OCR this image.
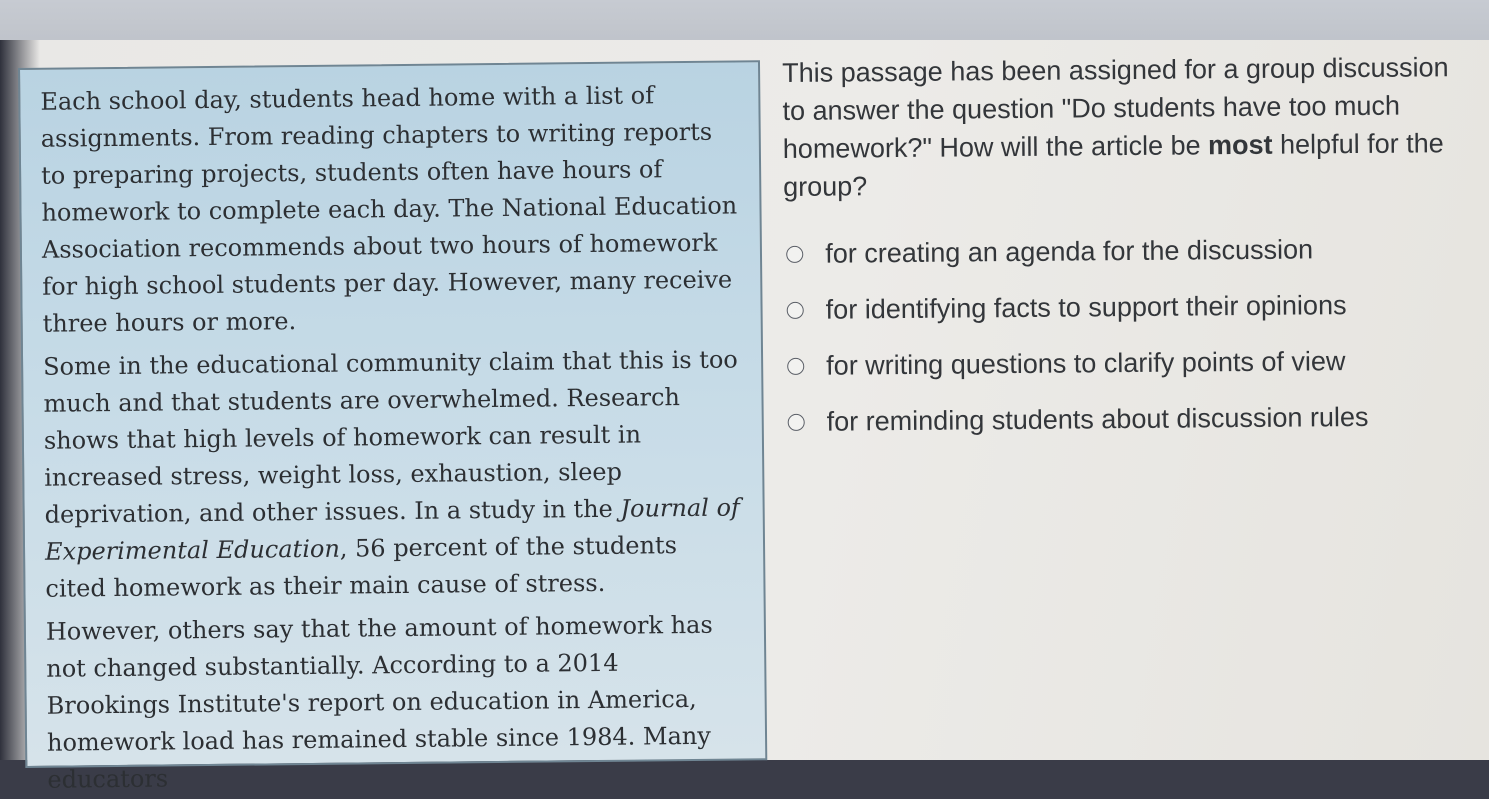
Each school day, students head home with a list of assignments. From reading chapters to writing reports to preparing projects, students often have hours of homework to complete each day. The National Education Association recommends about two hours of homework for high school students per day. However, many receive three hours or more.

Some in the educational community claim that this is too much and that students are overwhelmed. Research shows that high levels of homework can result in increased stress, weight loss, exhaustion, sleep deprivation, and other issues. In a study in the Journal of Experimental Education, 56 percent of the students cited homework as their main cause of stress.

However, others say that the amount of homework has not changed substantially. According to a 2014 Brookings Institute's report on education in America, homework load has remained stable since 1984. Many educators

This passage has been assigned for a group discussion to answer the question "Do students have too much homework?" How will the article be most helpful for the group?
for creating an agenda for the discussion
for identifying facts to support their opinions
for writing questions to clarify points of view
for reminding students about discussion rules
